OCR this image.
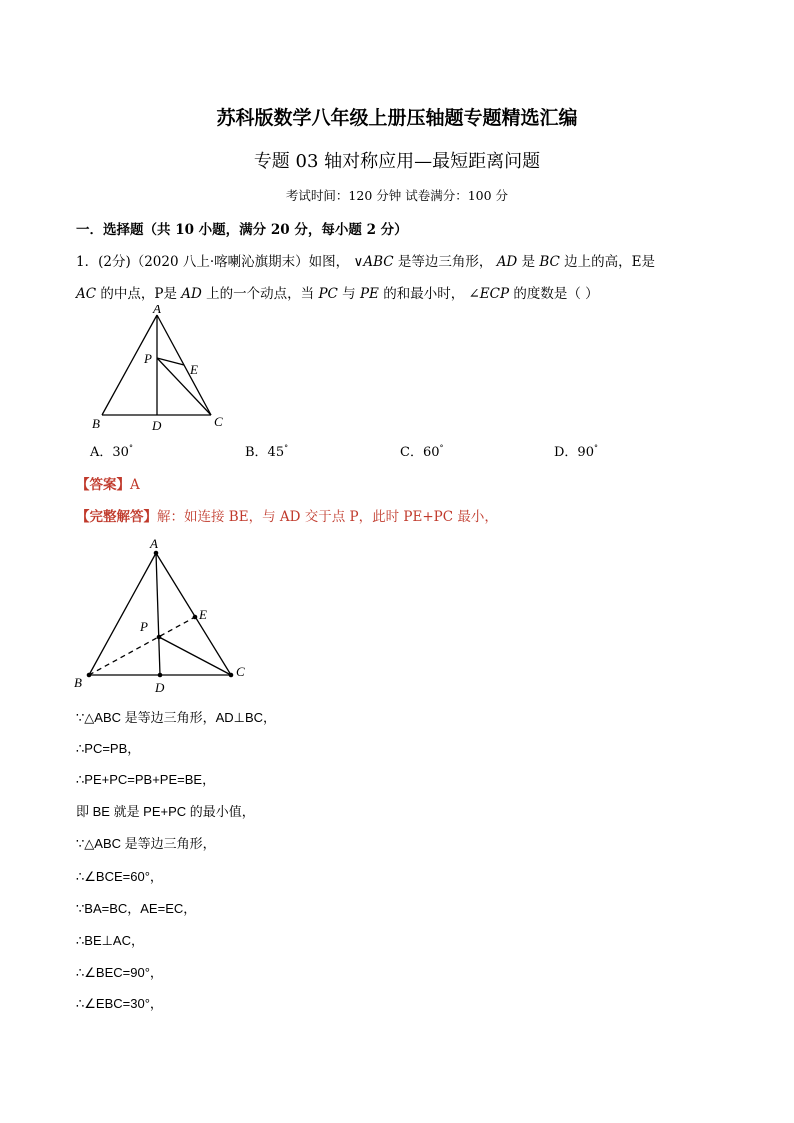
苏科版数学八年级上册压轴题专题精选汇编
专题 03 轴对称应用—最短距离问题
考试时间：120 分钟 试卷满分：100 分
一．选择题（共 10 小题，满分 20 分，每小题 2 分）
1．(2分)（2020 八上·喀喇沁旗期末）如图， ∨ABC 是等边三角形， AD 是 BC 边上的高，E是
AC 的中点，P是 AD 上的一个动点，当 PC 与 PE 的和最小时， ∠ECP 的度数是（ ）
A
B	C
D
P
E
A．30°	B．45°	C．60°	D．90°
【答案】A
【完整解答】解：如连接 BE，与 AD 交于点 P，此时 PE+PC 最小，
A
B
C
D
P
E
∵△ABC 是等边三角形，AD⊥BC，
∴PC=PB，
∴PE+PC=PB+PE=BE，
即 BE 就是 PE+PC 的最小值，
∵△ABC 是等边三角形，
∴∠BCE=60°，
∵BA=BC，AE=EC，
∴BE⊥AC，
∴∠BEC=90°，
∴∠EBC=30°，
